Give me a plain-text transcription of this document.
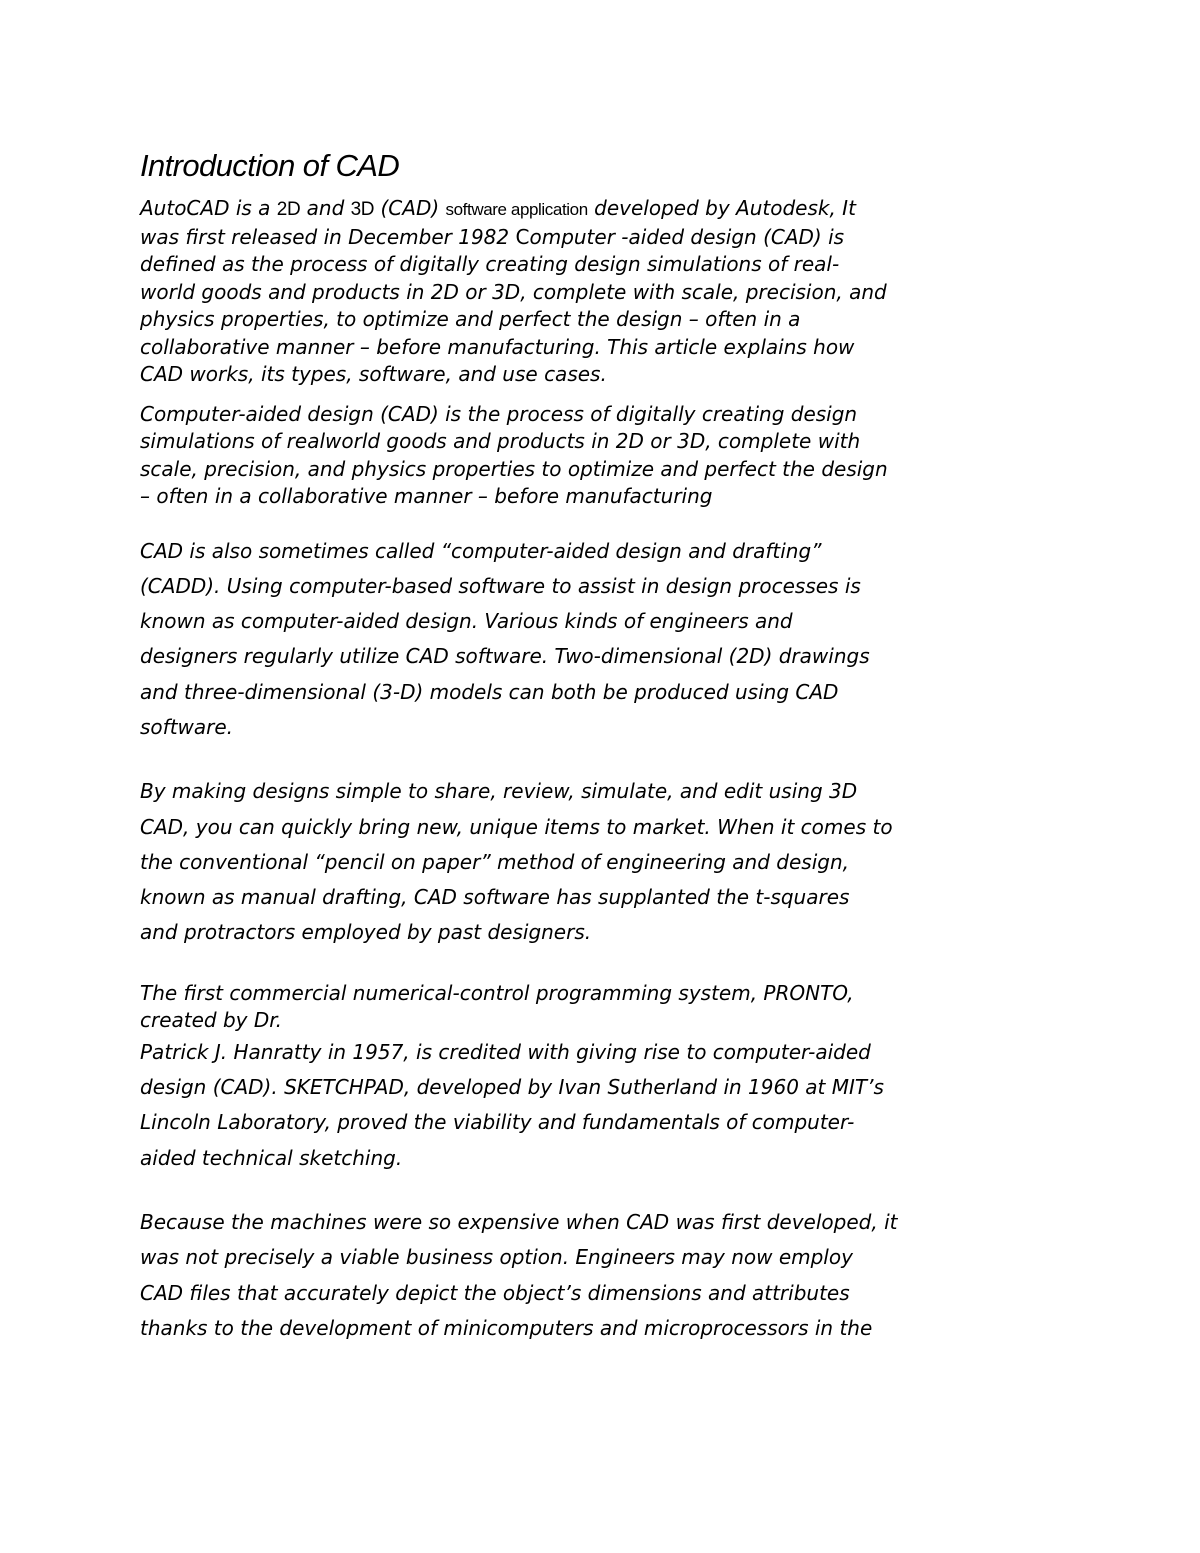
Introduction of CAD

AutoCAD is a 2D and 3D (CAD) software application developed by Autodesk, It
was first released in December 1982 Computer -aided design (CAD) is
defined as the process of digitally creating design simulations of real-
world goods and products in 2D or 3D, complete with scale, precision, and
physics properties, to optimize and perfect the design – often in a
collaborative manner – before manufacturing. This article explains how
CAD works, its types, software, and use cases.

Computer-aided design (CAD) is the process of digitally creating design
simulations of realworld goods and products in 2D or 3D, complete with
scale, precision, and physics properties to optimize and perfect the design
– often in a collaborative manner – before manufacturing

CAD is also sometimes called “computer-aided design and drafting”
(CADD). Using computer-based software to assist in design processes is
known as computer-aided design. Various kinds of engineers and
designers regularly utilize CAD software. Two-dimensional (2D) drawings
and three-dimensional (3-D) models can both be produced using CAD
software.

By making designs simple to share, review, simulate, and edit using 3D
CAD, you can quickly bring new, unique items to market. When it comes to
the conventional “pencil on paper” method of engineering and design,
known as manual drafting, CAD software has supplanted the t-squares
and protractors employed by past designers.

The first commercial numerical-control programming system, PRONTO,
created by Dr.

Patrick J. Hanratty in 1957, is credited with giving rise to computer-aided
design (CAD). SKETCHPAD, developed by Ivan Sutherland in 1960 at MIT’s
Lincoln Laboratory, proved the viability and fundamentals of computer-
aided technical sketching.

Because the machines were so expensive when CAD was first developed, it
was not precisely a viable business option. Engineers may now employ
CAD files that accurately depict the object’s dimensions and attributes
thanks to the development of minicomputers and microprocessors in the
